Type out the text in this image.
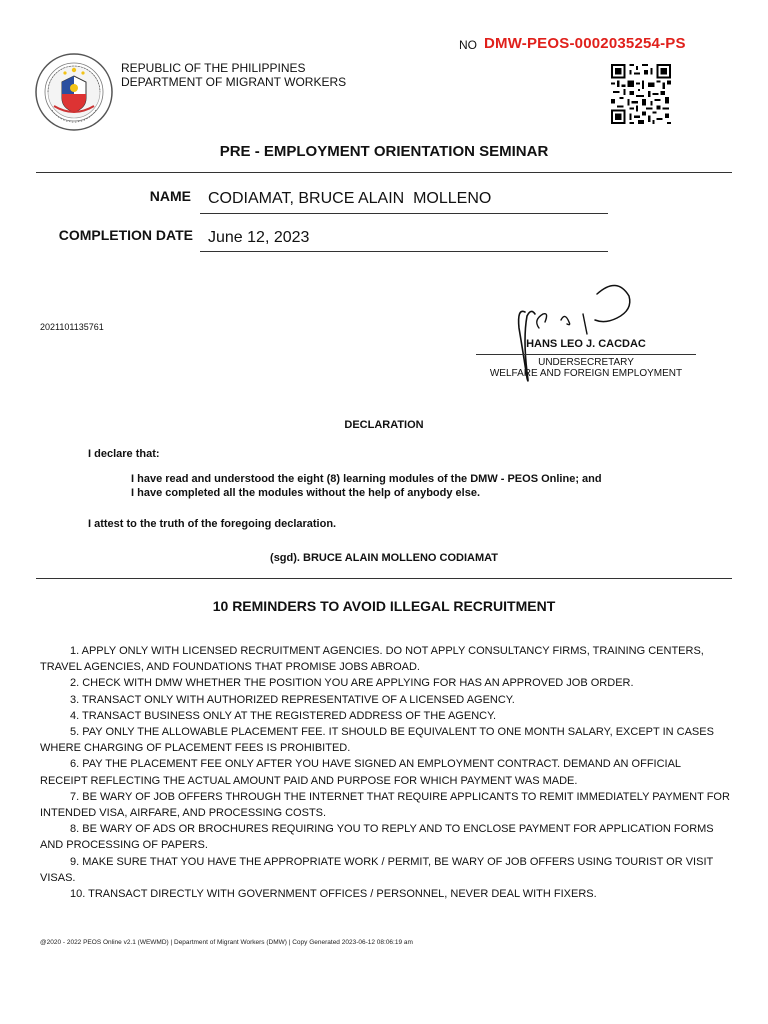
NO DMW-PEOS-0002035254-PS
REPUBLIC OF THE PHILIPPINES
DEPARTMENT OF MIGRANT WORKERS
PRE - EMPLOYMENT ORIENTATION SEMINAR
NAME CODIAMAT, BRUCE ALAIN  MOLLENO
COMPLETION DATE June 12, 2023
2021101135761
HANS LEO J. CACDAC
UNDERSECRETARY
WELFARE AND FOREIGN EMPLOYMENT
DECLARATION
I declare that:
I have read and understood the eight (8) learning modules of the DMW - PEOS Online; and
I have completed all the modules without the help of anybody else.
I attest to the truth of the foregoing declaration.
(sgd). BRUCE ALAIN MOLLENO CODIAMAT
10 REMINDERS TO AVOID ILLEGAL RECRUITMENT

1. APPLY ONLY WITH LICENSED RECRUITMENT AGENCIES. DO NOT APPLY CONSULTANCY FIRMS, TRAINING CENTERS, TRAVEL AGENCIES, AND FOUNDATIONS THAT PROMISE JOBS ABROAD.

2. CHECK WITH DMW WHETHER THE POSITION YOU ARE APPLYING FOR HAS AN APPROVED JOB ORDER.

3. TRANSACT ONLY WITH AUTHORIZED REPRESENTATIVE OF A LICENSED AGENCY.

4. TRANSACT BUSINESS ONLY AT THE REGISTERED ADDRESS OF THE AGENCY.

5. PAY ONLY THE ALLOWABLE PLACEMENT FEE. IT SHOULD BE EQUIVALENT TO ONE MONTH SALARY, EXCEPT IN CASES WHERE CHARGING OF PLACEMENT FEES IS PROHIBITED.

6. PAY THE PLACEMENT FEE ONLY AFTER YOU HAVE SIGNED AN EMPLOYMENT CONTRACT. DEMAND AN OFFICIAL RECEIPT REFLECTING THE ACTUAL AMOUNT PAID AND PURPOSE FOR WHICH PAYMENT WAS MADE.

7. BE WARY OF JOB OFFERS THROUGH THE INTERNET THAT REQUIRE APPLICANTS TO REMIT IMMEDIATELY PAYMENT FOR INTENDED VISA, AIRFARE, AND PROCESSING COSTS.

8. BE WARY OF ADS OR BROCHURES REQUIRING YOU TO REPLY AND TO ENCLOSE PAYMENT FOR APPLICATION FORMS AND PROCESSING OF PAPERS.

9. MAKE SURE THAT YOU HAVE THE APPROPRIATE WORK / PERMIT, BE WARY OF JOB OFFERS USING TOURIST OR VISIT VISAS.

10. TRANSACT DIRECTLY WITH GOVERNMENT OFFICES / PERSONNEL, NEVER DEAL WITH FIXERS.

@2020 - 2022 PEOS Online v2.1 (WEWMD) | Department of Migrant Workers (DMW) | Copy Generated 2023-06-12 08:06:19 am
